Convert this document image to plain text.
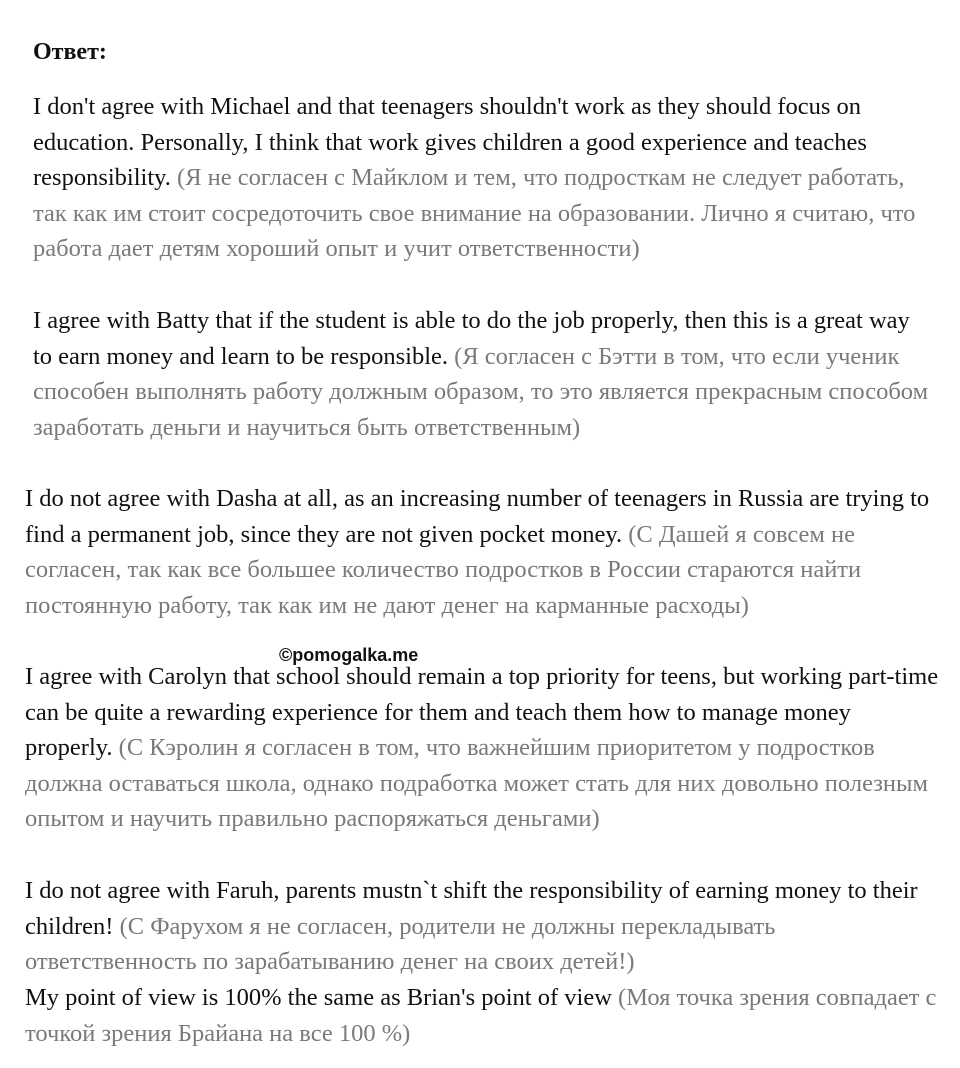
Ответ:

I don't agree with Michael and that teenagers shouldn't work as they should focus on education. Personally, I think that work gives children a good experience and teaches responsibility. (Я не согласен с Майклом и тем, что подросткам не следует работать, так как им стоит сосредоточить свое внимание на образовании. Лично я считаю, что работа дает детям хороший опыт и учит ответственности)

I agree with Batty that if the student is able to do the job properly, then this is a great way to earn money and learn to be responsible. (Я согласен с Бэтти в том, что если ученик способен выполнять работу должным образом, то это является прекрасным способом заработать деньги и научиться быть ответственным)

I do not agree with Dasha at all, as an increasing number of teenagers in Russia are trying to find a permanent job, since they are not given pocket money. (С Дашей я совсем не согласен, так как все большее количество подростков в России стараются найти постоянную работу, так как им не дают денег на карманные расходы)

I agree with Carolyn that school should remain a top priority for teens, but working part-time can be quite a rewarding experience for them and teach them how to manage money properly. (С Кэролин я согласен в том, что важнейшим приоритетом у подростков должна оставаться школа, однако подработка может стать для них довольно полезным опытом и научить правильно распоряжаться деньгами)

I do not agree with Faruh, parents mustn`t shift the responsibility of earning money to their children! (С Фарухом я не согласен, родители не должны перекладывать ответственность по зарабатыванию денег на своих детей!)

My point of view is 100% the same as Brian's point of view (Моя точка зрения совпадает с точкой зрения Брайана на все 100 %)

©pomogalka.me
